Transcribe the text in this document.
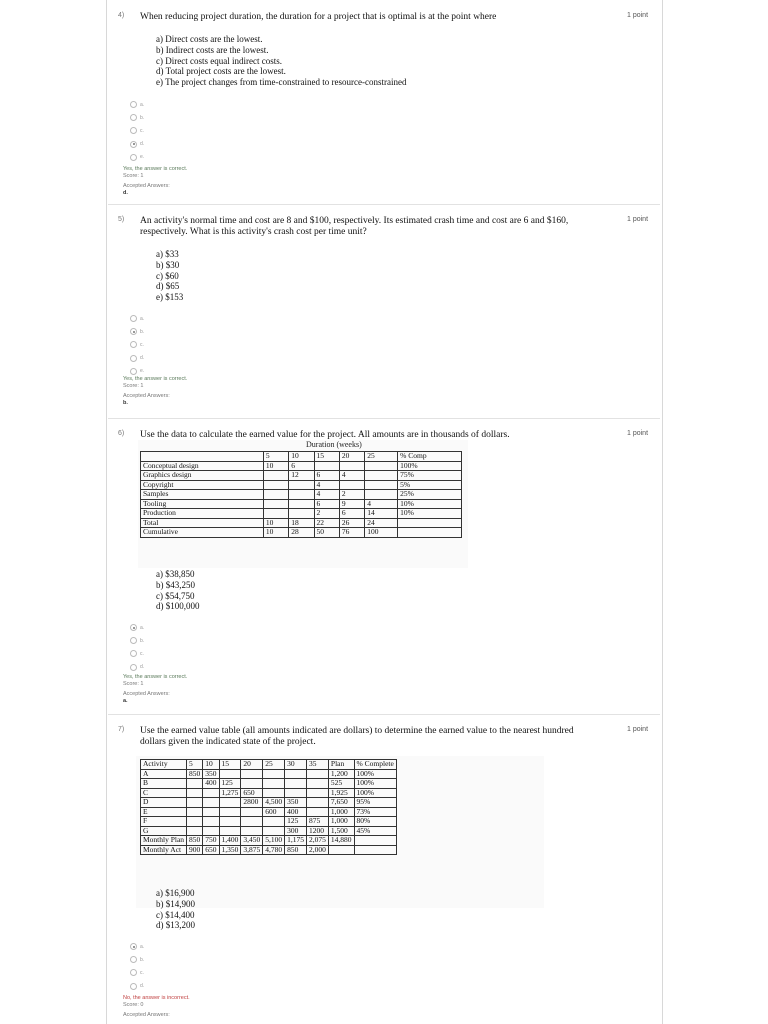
4)	1 point
When reducing project duration, the duration for a project that is optimal is at the point where
a) Direct costs are the lowest.
b) Indirect costs are the lowest.
c) Direct costs equal indirect costs.
d) Total project costs are the lowest.
e) The project changes from time-constrained to resource-constrained
a.
b.
c.
d.
e.
Yes, the answer is correct.
Score: 1
Accepted Answers:
d.
5)	1 point
An activity's normal time and cost are 8 and $100, respectively. Its estimated crash time and cost are 6 and $160, respectively. What is this activity's crash cost per time unit?
a) $33
b) $30
c) $60
d) $65
e) $153
a.
b.
c.
d.
e.
Yes, the answer is correct.
Score: 1
Accepted Answers:
b.
6)	1 point
Use the data to calculate the earned value for the project. All amounts are in thousands of dollars.
Duration (weeks)
	5	10	15	20	25	% Comp
Conceptual design	10	6				100%
Graphics design		12	6	4		75%
Copyright			4			5%
Samples			4	2		25%
Tooling			6	9	4	10%
Production			2	6	14	10%
Total	10	18	22	26	24	
Cumulative	10	28	50	76	100	
a) $38,850
b) $43,250
c) $54,750
d) $100,000
a.
b.
c.
d.
Yes, the answer is correct.
Score: 1
Accepted Answers:
a.
7)	1 point
Use the earned value table (all amounts indicated are dollars) to determine the earned value to the nearest hundred dollars given the indicated state of the project.
Activity	5	10	15	20	25	30	35	Plan	% Complete
A	850	350						1,200	100%
B		400	125					525	100%
C			1,275	650				1,925	100%
D				2800	4,500	350		7,650	95%
E					600	400		1,000	73%
F						125	875	1,000	80%
G						300	1200	1,500	45%
Monthly Plan	850	750	1,400	3,450	5,100	1,175	2,075	14,880	
Monthly Act	900	650	1,350	3,875	4,780	850	2,000		
a) $16,900
b) $14,900
c) $14,400
d) $13,200
a.
b.
c.
d.
No, the answer is incorrect.
Score: 0
Accepted Answers:
